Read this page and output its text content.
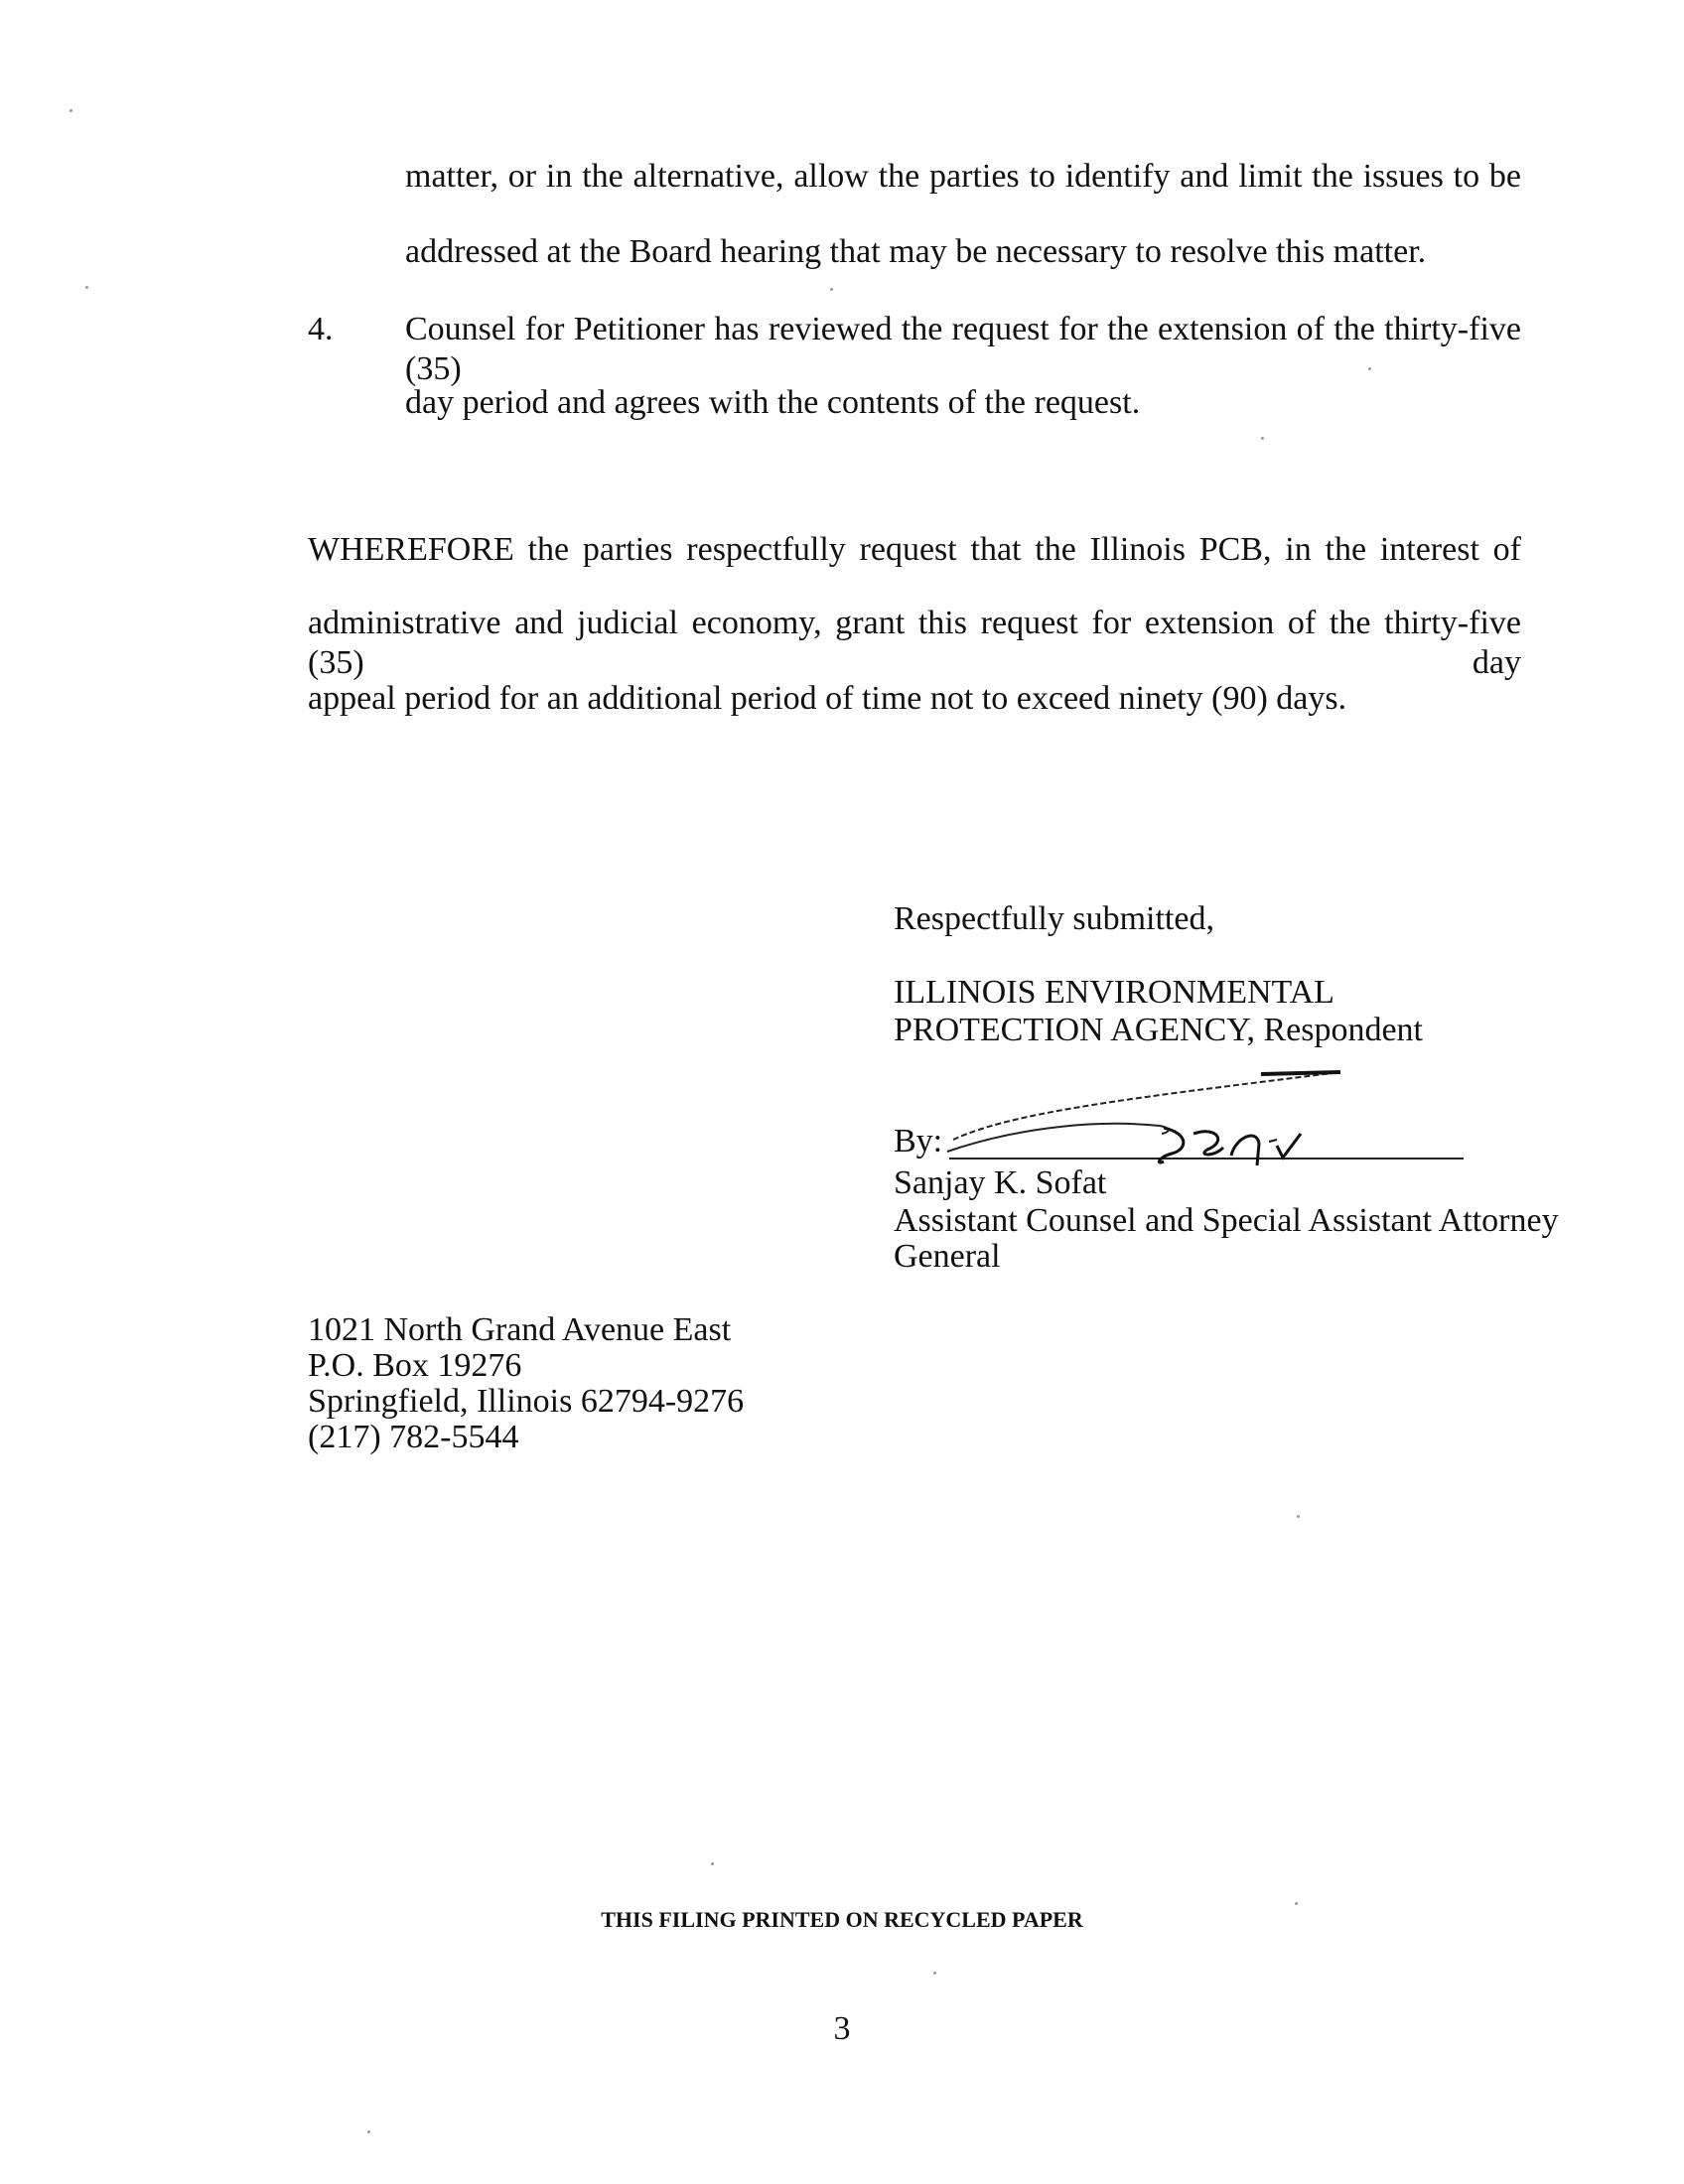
matter, or in the alternative, allow the parties to identify and limit the issues to be
addressed at the Board hearing that may be necessary to resolve this matter.
4. Counsel for Petitioner has reviewed the request for the extension of the thirty-five (35)
day period and agrees with the contents of the request.
WHEREFORE the parties respectfully request that the Illinois PCB, in the interest of
administrative and judicial economy, grant this request for extension of the thirty-five (35) day
appeal period for an additional period of time not to exceed ninety (90) days.
Respectfully submitted,
ILLINOIS ENVIRONMENTAL
PROTECTION AGENCY, Respondent
By:
Sanjay K. Sofat
Assistant Counsel and Special Assistant Attorney
General
1021 North Grand Avenue East
P.O. Box 19276
Springfield, Illinois 62794-9276
(217) 782-5544
THIS FILING PRINTED ON RECYCLED PAPER
3
